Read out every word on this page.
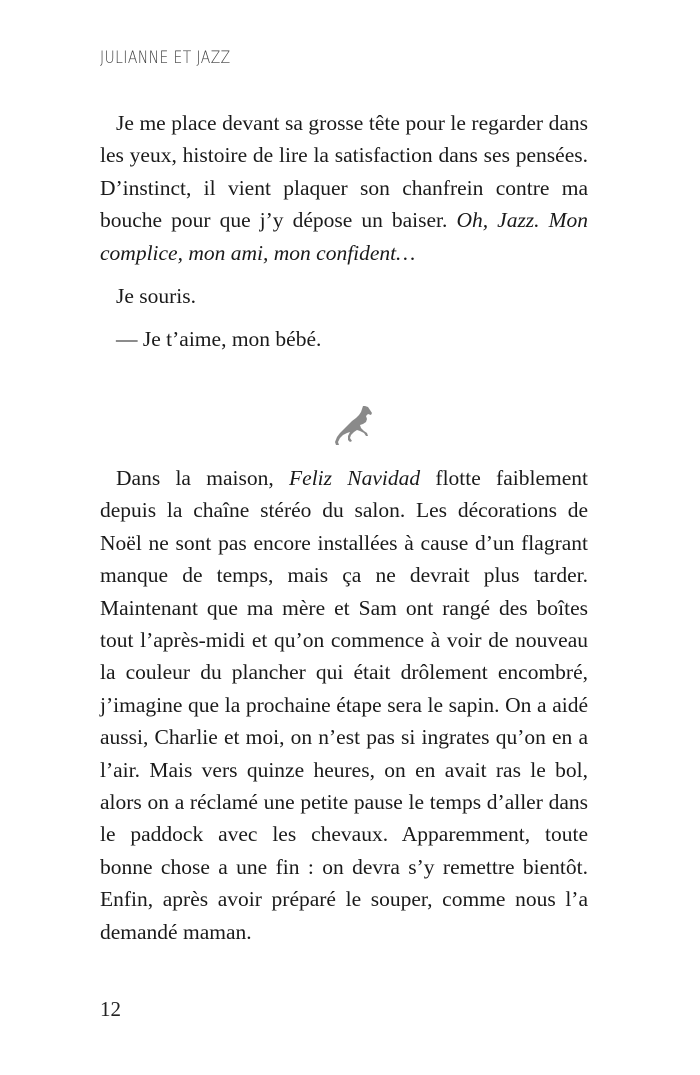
JULIANNE ET JAZZ

Je me place devant sa grosse tête pour le regarder dans les yeux, histoire de lire la satisfaction dans ses pensées. D’instinct, il vient plaquer son chanfrein contre ma bouche pour que j’y dépose un baiser. Oh, Jazz. Mon complice, mon ami, mon confident…

Je souris.

— Je t’aime, mon bébé.

Dans la maison, Feliz Navidad flotte faiblement depuis la chaîne stéréo du salon. Les décorations de Noël ne sont pas encore installées à cause d’un flagrant manque de temps, mais ça ne devrait plus tarder. Maintenant que ma mère et Sam ont rangé des boîtes tout l’après-midi et qu’on commence à voir de nouveau la couleur du plancher qui était drôlement encombré, j’imagine que la prochaine étape sera le sapin. On a aidé aussi, Charlie et moi, on n’est pas si ingrates qu’on en a l’air. Mais vers quinze heures, on en avait ras le bol, alors on a réclamé une petite pause le temps d’aller dans le paddock avec les chevaux. Apparemment, toute bonne chose a une fin : on devra s’y remettre bientôt. Enfin, après avoir préparé le souper, comme nous l’a demandé maman.

12
